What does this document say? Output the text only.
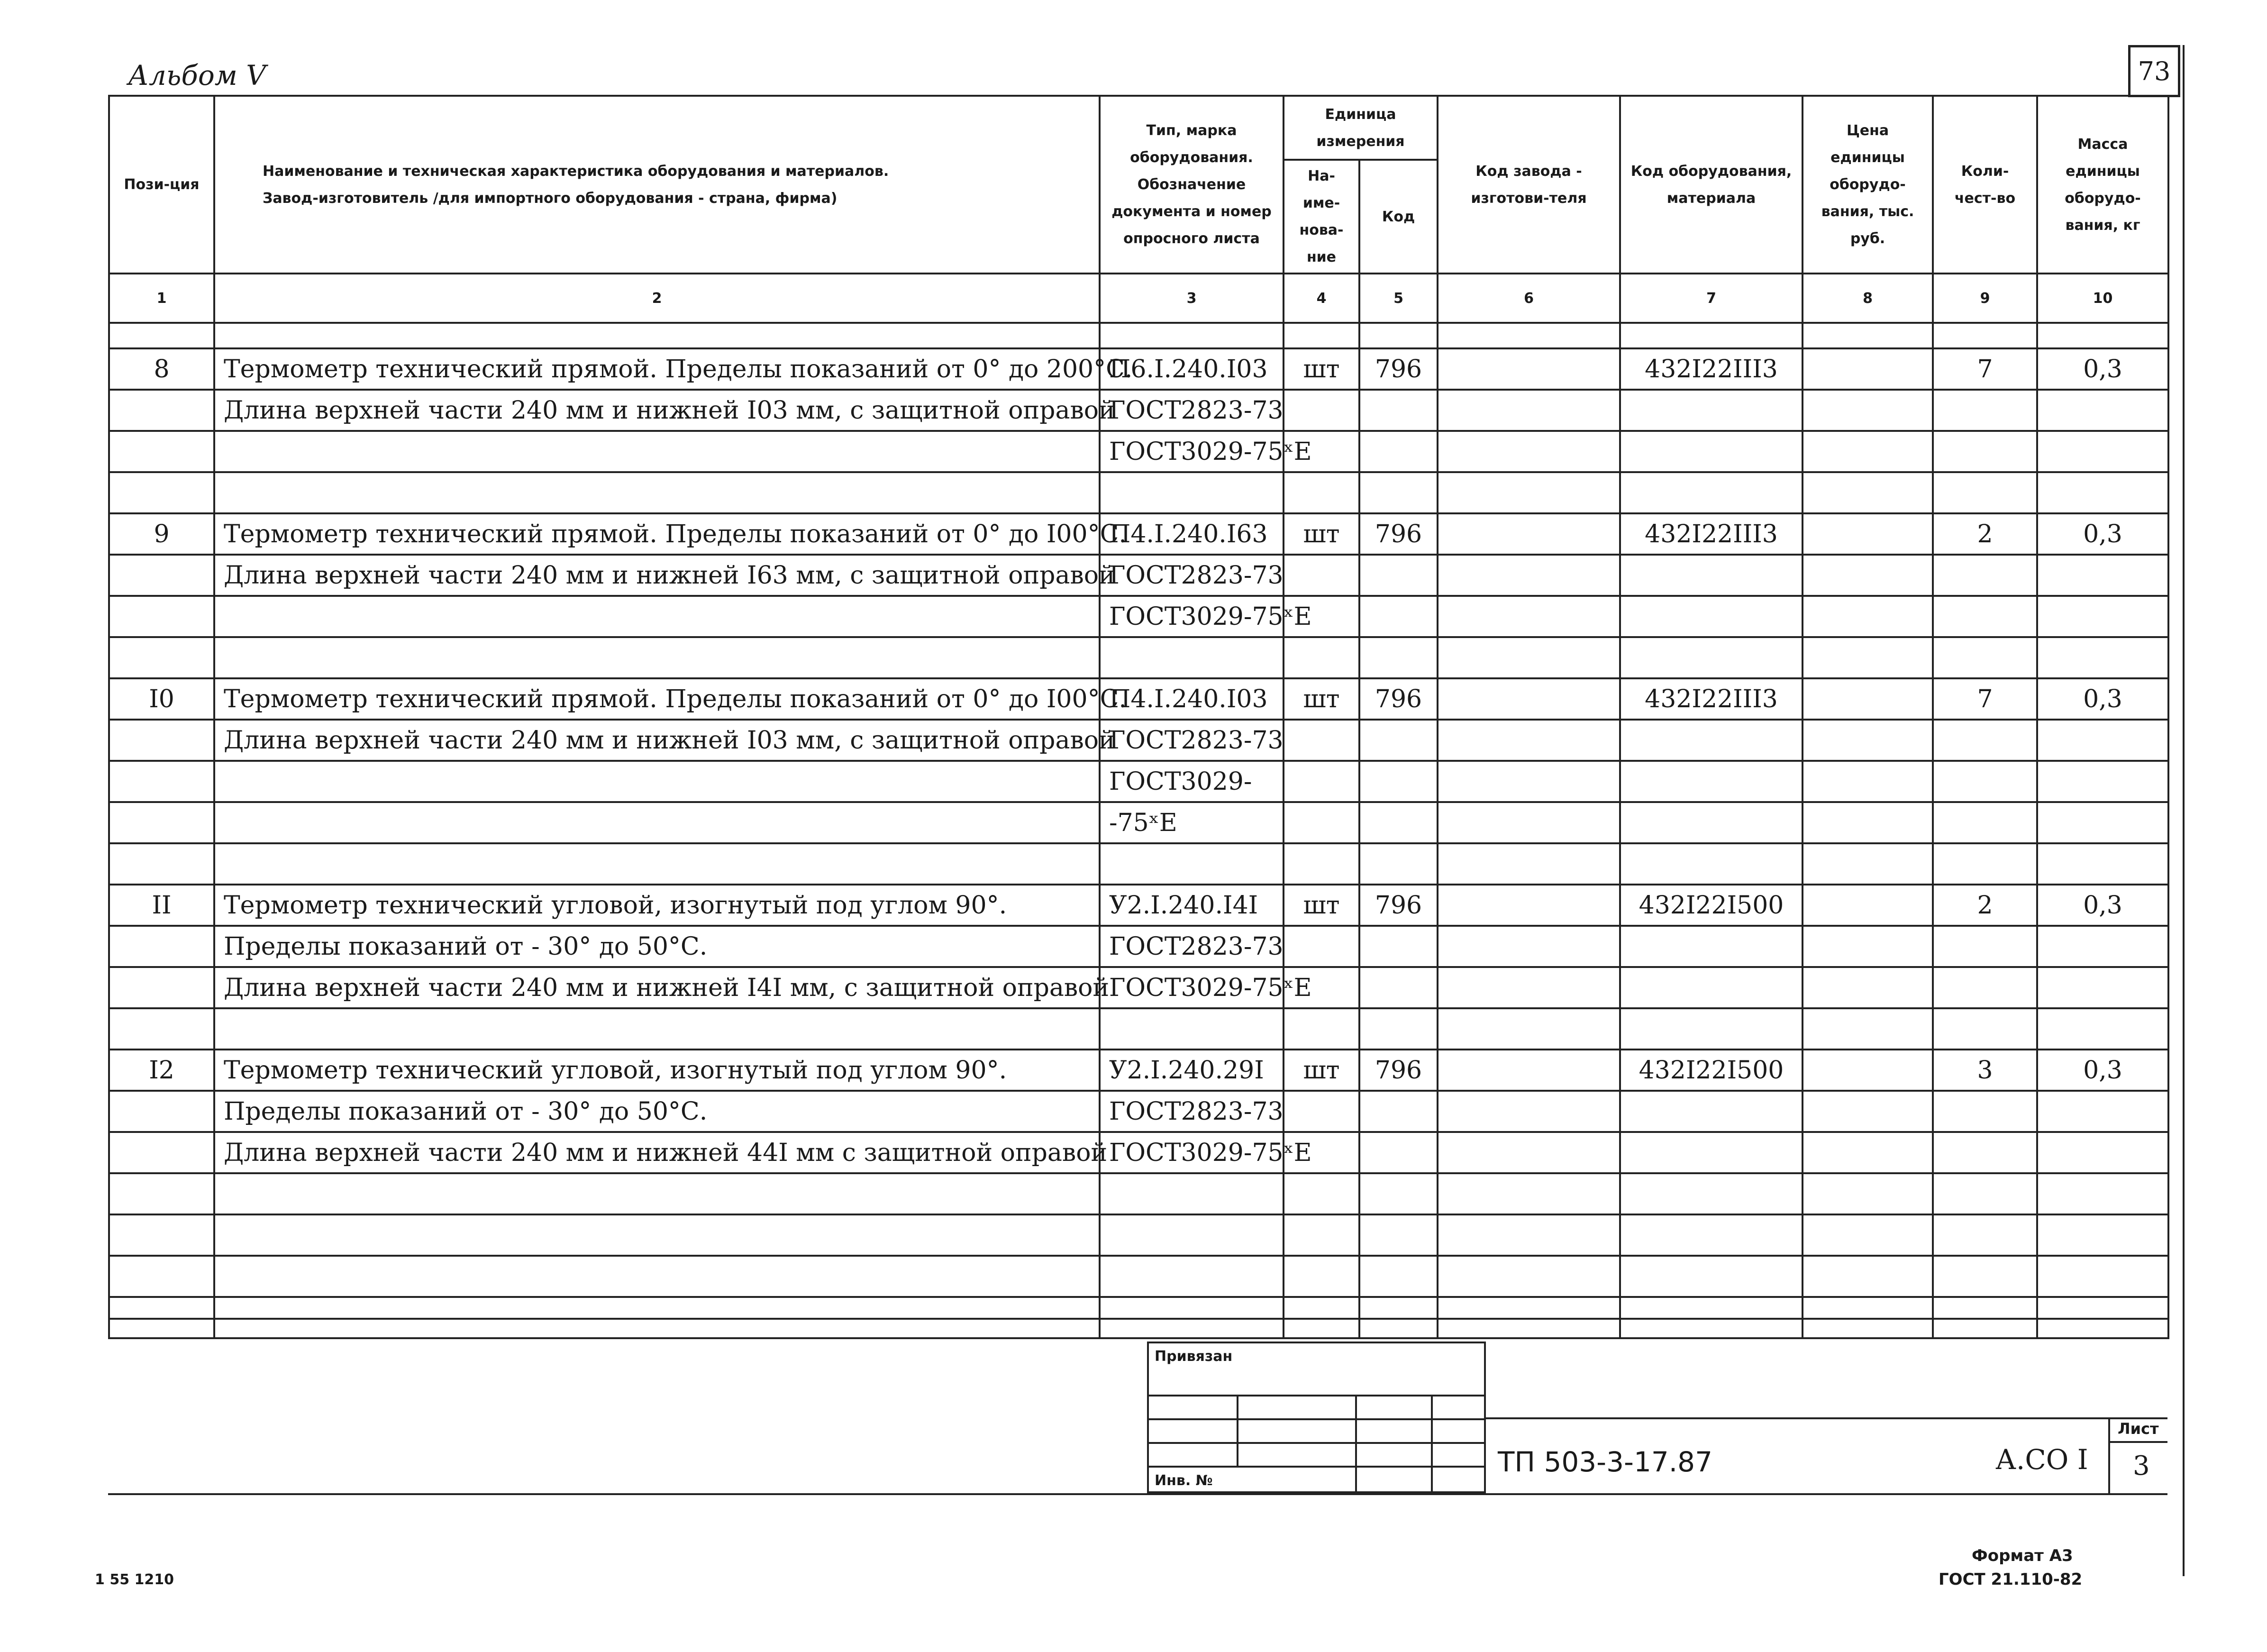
Альбом V	73
Пози-ция	Наименование и техническая характеристика оборудования и материалов.
Завод-изготовитель /для импортного оборудования - страна, фирма)	Тип, марка оборудования. Обозначение документа и номер опросного листа	Единица измерения		Код завода - изготови-теля	Код оборудования, материала	Цена единицы оборудо-вания, тыс. руб.	Коли-чест-во	Масса единицы оборудо-вания, кг
			На-име-нова-ние	Код					
1	2	3	4	5	6	7	8	9	10

8	Термометр технический прямой. Пределы показаний от 0° до 200°С.	П6.I.240.I03	шт	796		432I22III3		7	0,3
	Длина верхней части 240 мм и нижней I03 мм, с защитной оправой	ГОСТ2823-73							
		ГОСТ3029-75ˣЕ							

9	Термометр технический прямой. Пределы показаний от 0° до I00°С.	П4.I.240.I63	шт	796		432I22III3		2	0,3
	Длина верхней части 240 мм и нижней I63 мм, с защитной оправой	ГОСТ2823-73							
		ГОСТ3029-75ˣЕ							

I0	Термометр технический прямой. Пределы показаний от 0° до I00°С.	П4.I.240.I03	шт	796		432I22III3		7	0,3
	Длина верхней части 240 мм и нижней I03 мм, с защитной оправой	ГОСТ2823-73							
		ГОСТ3029-							
		-75ˣЕ							

II	Термометр технический угловой, изогнутый под углом 90°.	У2.I.240.I4I	шт	796		432I22I500		2	0,3
	Пределы показаний от - 30° до 50°С.	ГОСТ2823-73							
	Длина верхней части 240 мм и нижней I4I мм, с защитной оправой	ГОСТ3029-75ˣЕ							

I2	Термометр технический угловой, изогнутый под углом 90°.	У2.I.240.29I	шт	796		432I22I500		3	0,3
	Пределы показаний от - 30° до 50°С.	ГОСТ2823-73							
	Длина верхней части 240 мм и нижней 44I мм с защитной оправой	ГОСТ3029-75ˣЕ							

Привязан
Инв. №
ТП 503-3-17.87	А.СО I
Лист
3
Формат А3
ГОСТ 21.110-82
1 55 1210
